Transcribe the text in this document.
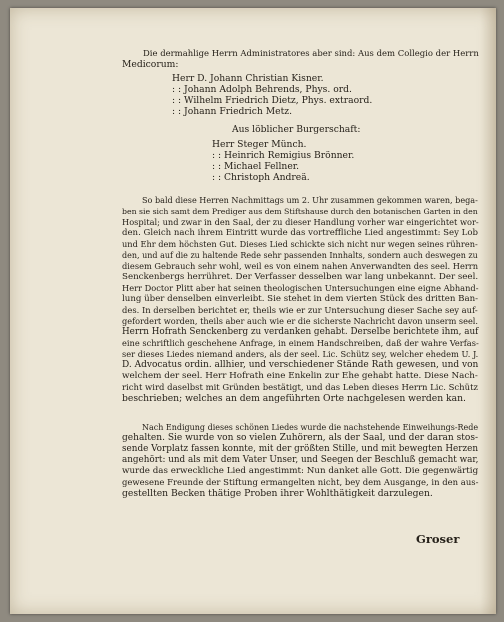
Die dermahlige Herrn Administratores aber sind: Aus dem Collegio der Herrn
Medicorum:
Herr D. Johann Christian Kisner.
: : Johann Adolph Behrends, Phys. ord.
: : Wilhelm Friedrich Dietz, Phys. extraord.
: : Johann Friedrich Metz.
Aus löblicher Burgerschaft:
Herr Steger Münch.
: : Heinrich Remigius Brönner.
: : Michael Fellner.
: : Christoph Andreä.
So bald diese Herren Nachmittags um 2. Uhr zusammen gekommen waren, bega-
ben sie sich samt dem Prediger aus dem Stiftshause durch den botanischen Garten in den
Hospital; und zwar in den Saal, der zu dieser Handlung vorher war eingerichtet wor-
den. Gleich nach ihrem Eintritt wurde das vortreffliche Lied angestimmt: Sey Lob
und Ehr dem höchsten Gut. Dieses Lied schickte sich nicht nur wegen seines rühren-
den, und auf die zu haltende Rede sehr passenden Innhalts, sondern auch deswegen zu
diesem Gebrauch sehr wohl, weil es von einem nahen Anverwandten des seel. Herrn
Senckenbergs herrühret. Der Verfasser desselben war lang unbekannt. Der seel.
Herr Doctor Plitt aber hat seinen theologischen Untersuchungen eine eigne Abhand-
lung über denselben einverleibt. Sie stehet in dem vierten Stück des dritten Ban-
des. In derselben berichtet er, theils wie er zur Untersuchung dieser Sache sey auf-
gefordert worden, theils aber auch wie er die sicherste Nachricht davon unserm seel.
Herrn Hofrath Senckenberg zu verdanken gehabt. Derselbe berichtete ihm, auf
eine schriftlich geschehene Anfrage, in einem Handschreiben, daß der wahre Verfas-
ser dieses Liedes niemand anders, als der seel. Lic. Schütz sey, welcher ehedem U. J.
D. Advocatus ordin. allhier, und verschiedener Stände Rath gewesen, und von
welchem der seel. Herr Hofrath eine Enkelin zur Ehe gehabt hatte. Diese Nach-
richt wird daselbst mit Gründen bestätigt, und das Leben dieses Herrn Lic. Schütz
beschrieben; welches an dem angeführten Orte nachgelesen werden kan.
Nach Endigung dieses schönen Liedes wurde die nachstehende Einweihungs-Rede
gehalten. Sie wurde von so vielen Zuhörern, als der Saal, und der daran stos-
sende Vorplatz fassen konnte, mit der größten Stille, und mit bewegten Herzen
angehört: und als mit dem Vater Unser, und Seegen der Beschluß gemacht war,
wurde das erweckliche Lied angestimmt: Nun danket alle Gott. Die gegenwärtig
gewesene Freunde der Stiftung ermangelten nicht, bey dem Ausgange, in den aus-
gestellten Becken thätige Proben ihrer Wohlthätigkeit darzulegen.
Groser
